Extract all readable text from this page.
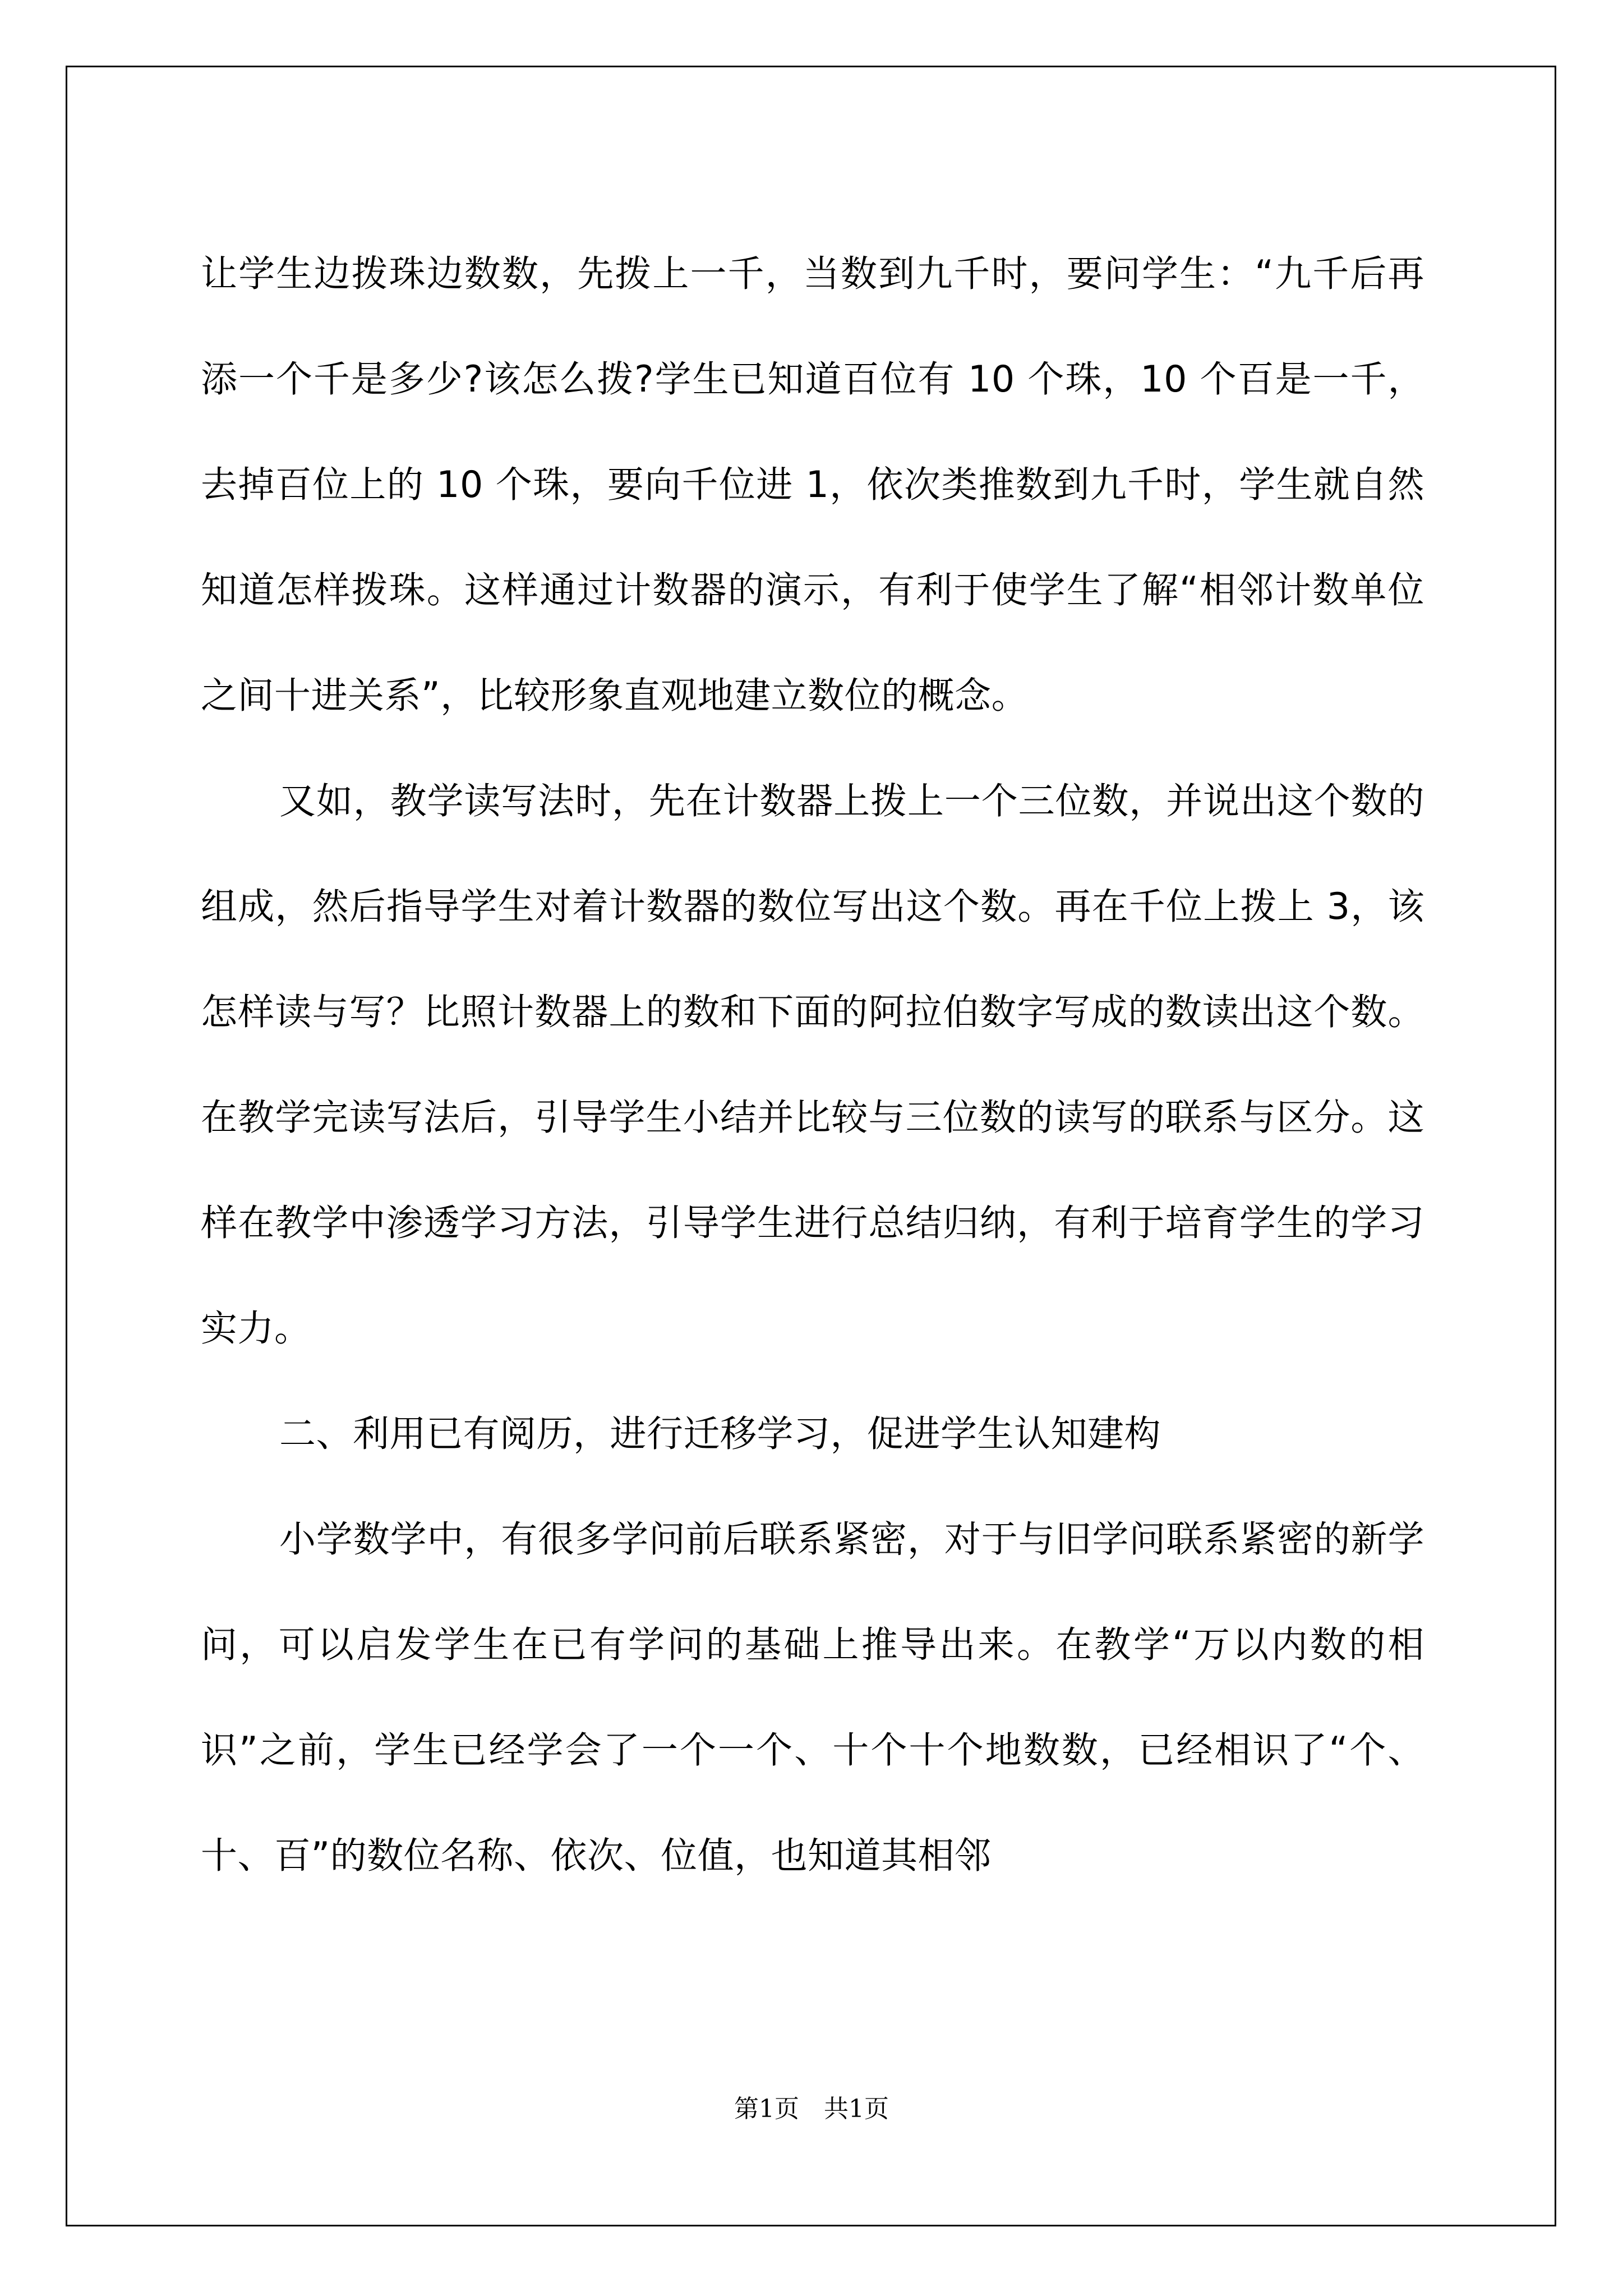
让学生边拨珠边数数，先拨上一千，当数到九千时，要问学生：“九千后再添一个千是多少?该怎么拨?学生已知道百位有 10 个珠，10 个百是一千，去掉百位上的 10 个珠，要向千位进 1，依次类推数到九千时，学生就自然知道怎样拨珠。这样通过计数器的演示，有利于使学生了解“相邻计数单位之间十进关系”，比较形象直观地建立数位的概念。

又如，教学读写法时，先在计数器上拨上一个三位数，并说出这个数的组成，然后指导学生对着计数器的数位写出这个数。再在千位上拨上 3，该怎样读与写？比照计数器上的数和下面的阿拉伯数字写成的数读出这个数。在教学完读写法后，引导学生小结并比较与三位数的读写的联系与区分。这样在教学中渗透学习方法，引导学生进行总结归纳，有利于培育学生的学习实力。

二、利用已有阅历，进行迁移学习，促进学生认知建构

小学数学中，有很多学问前后联系紧密，对于与旧学问联系紧密的新学问，可以启发学生在已有学问的基础上推导出来。在教学“万以内数的相识”之前，学生已经学会了一个一个、十个十个地数数，已经相识了“个、十、百”的数位名称、依次、位值，也知道其相邻

第1页　共1页
